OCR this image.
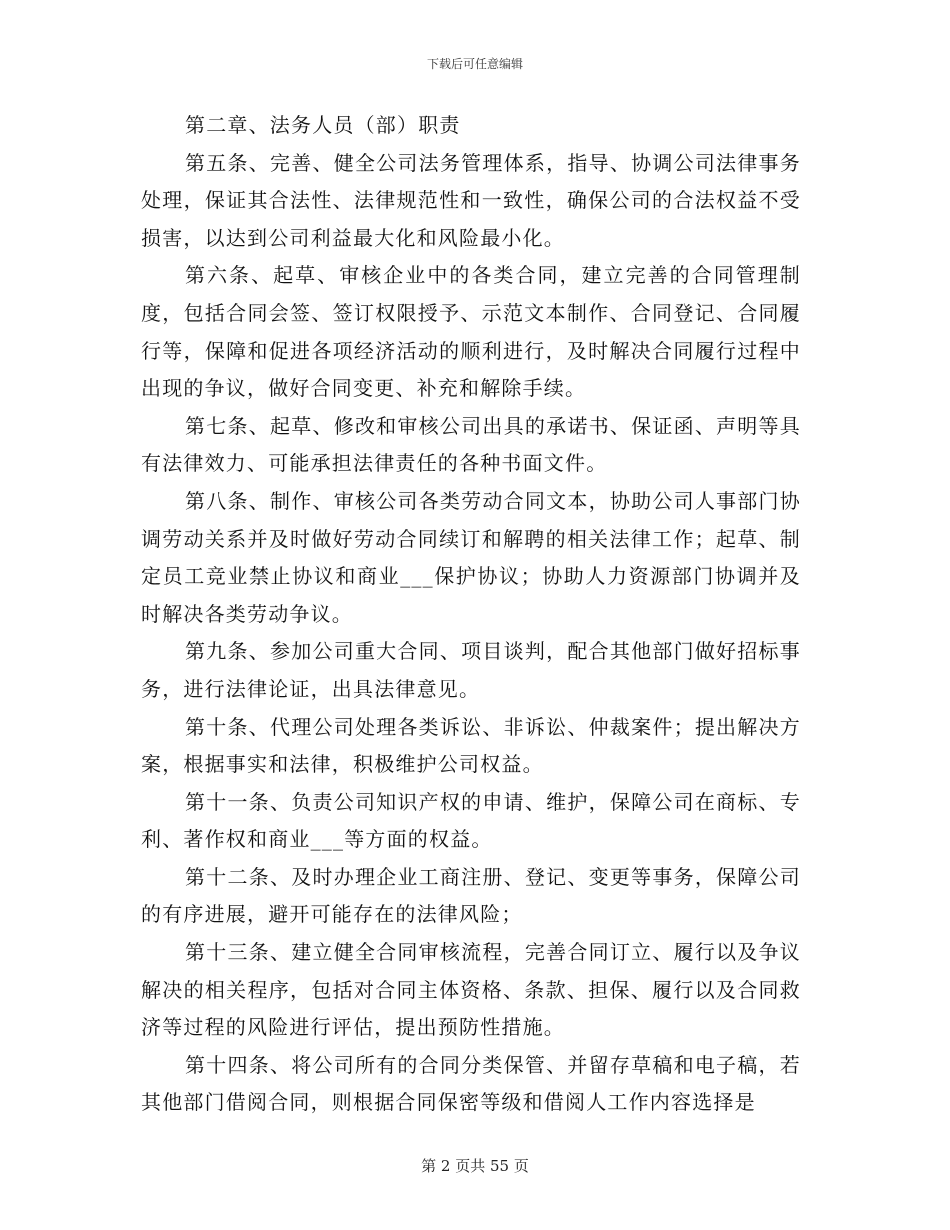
下载后可任意编辑

第二章、法务人员（部）职责

第五条、完善、健全公司法务管理体系，指导、协调公司法律事务处理，保证其合法性、法律规范性和一致性，确保公司的合法权益不受损害，以达到公司利益最大化和风险最小化。

第六条、起草、审核企业中的各类合同，建立完善的合同管理制度，包括合同会签、签订权限授予、示范文本制作、合同登记、合同履行等，保障和促进各项经济活动的顺利进行，及时解决合同履行过程中出现的争议，做好合同变更、补充和解除手续。

第七条、起草、修改和审核公司出具的承诺书、保证函、声明等具有法律效力、可能承担法律责任的各种书面文件。

第八条、制作、审核公司各类劳动合同文本，协助公司人事部门协调劳动关系并及时做好劳动合同续订和解聘的相关法律工作；起草、制定员工竞业禁止协议和商业___保护协议；协助人力资源部门协调并及时解决各类劳动争议。

第九条、参加公司重大合同、项目谈判，配合其他部门做好招标事务，进行法律论证，出具法律意见。

第十条、代理公司处理各类诉讼、非诉讼、仲裁案件；提出解决方案，根据事实和法律，积极维护公司权益。

第十一条、负责公司知识产权的申请、维护，保障公司在商标、专利、著作权和商业___等方面的权益。

第十二条、及时办理企业工商注册、登记、变更等事务，保障公司的有序进展，避开可能存在的法律风险；

第十三条、建立健全合同审核流程，完善合同订立、履行以及争议解决的相关程序，包括对合同主体资格、条款、担保、履行以及合同救济等过程的风险进行评估，提出预防性措施。

第十四条、将公司所有的合同分类保管、并留存草稿和电子稿，若其他部门借阅合同，则根据合同保密等级和借阅人工作内容选择是

第 2 页共 55 页
